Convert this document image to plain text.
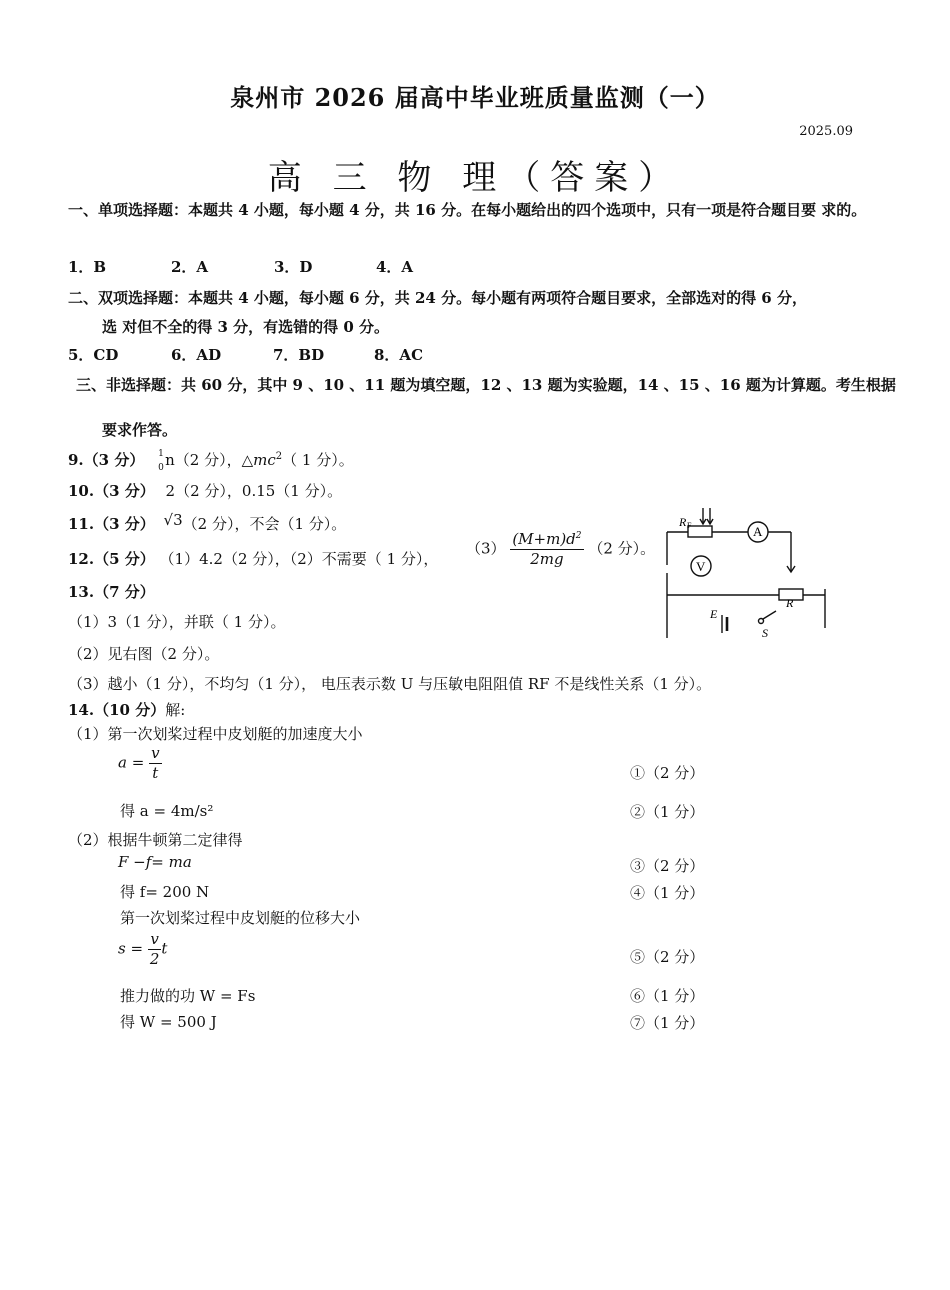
泉州市 2026 届高中毕业班质量监测（一）
2025.09
高 三 物 理（答案）
一、单项选择题：本题共 4 小题，每小题 4 分，共 16 分。在每小题给出的四个选项中，只有一项是符合题目要 求的。
1．B	2．A	3．D	4．A
二、双项选择题：本题共 4 小题，每小题 6 分，共 24 分。每小题有两项符合题目要求，全部选对的得 6 分，
选 对但不全的得 3 分，有选错的得 0 分。
5．CD	6．AD	7．BD	8．AC
三、非选择题：共 60 分，其中 9 、10 、11 题为填空题，12 、13 题为实验题，14 、15 、16 题为计算题。考生根据
要求作答。
9.（3 分） 1
0 n（2 分），$\triangle mc^2$（ 1 分）。
10.（3 分） 2（2 分），0.15（1 分）。
11.（3 分） √3（2 分），不会（1 分）。
12.（5 分） （1）4.2（2 分），（2）不需要（ 1 分），
$(3) \frac{(M+m)d^2}{2mg} (2$ 分）。
13.（7 分）
（1）3（1 分），并联（ 1 分）。
（2）见右图（2 分）。
（3）越小（1 分），不均匀（1 分）， 电压表示数 U 与压敏电阻阻值 RF 不是线性关系（1 分）。
R F	A
V
E
R
S
14.（10 分）解:
（1）第一次划桨过程中皮划艇的加速度大小
$a = \frac{v}{t}$	①（2 分）
得 a = 4m/s²	②（1 分）
（2）根据牛顿第二定律得
F −f= ma	③（2 分）
得 f= 200 N	④（1 分）
第一次划桨过程中皮划艇的位移大小
$s = \frac{v}{2}$ t	⑤（2 分）
推力做的功 W = Fs	⑥（1 分）
得 W = 500 J	⑦（1 分）
